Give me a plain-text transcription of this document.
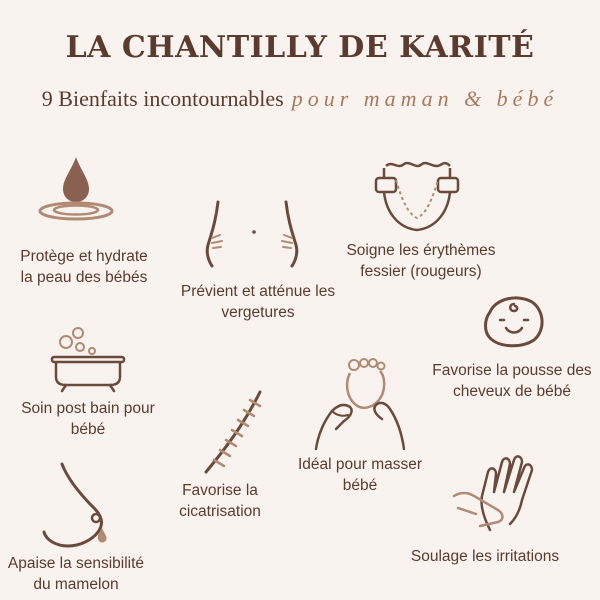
LA CHANTILLY DE KARITÉ
9 Bienfaits incontournables pour maman & bébé
Protège et hydrate
la peau des bébés
Prévient et atténue les
vergetures
Soigne les érythèmes
fessier (rougeurs)
Soin post bain pour
bébé
Favorise la pousse des
cheveux de bébé
Favorise la
cicatrisation
Idéal pour masser
bébé
Apaise la sensibilité
du mamelon
Soulage les irritations
